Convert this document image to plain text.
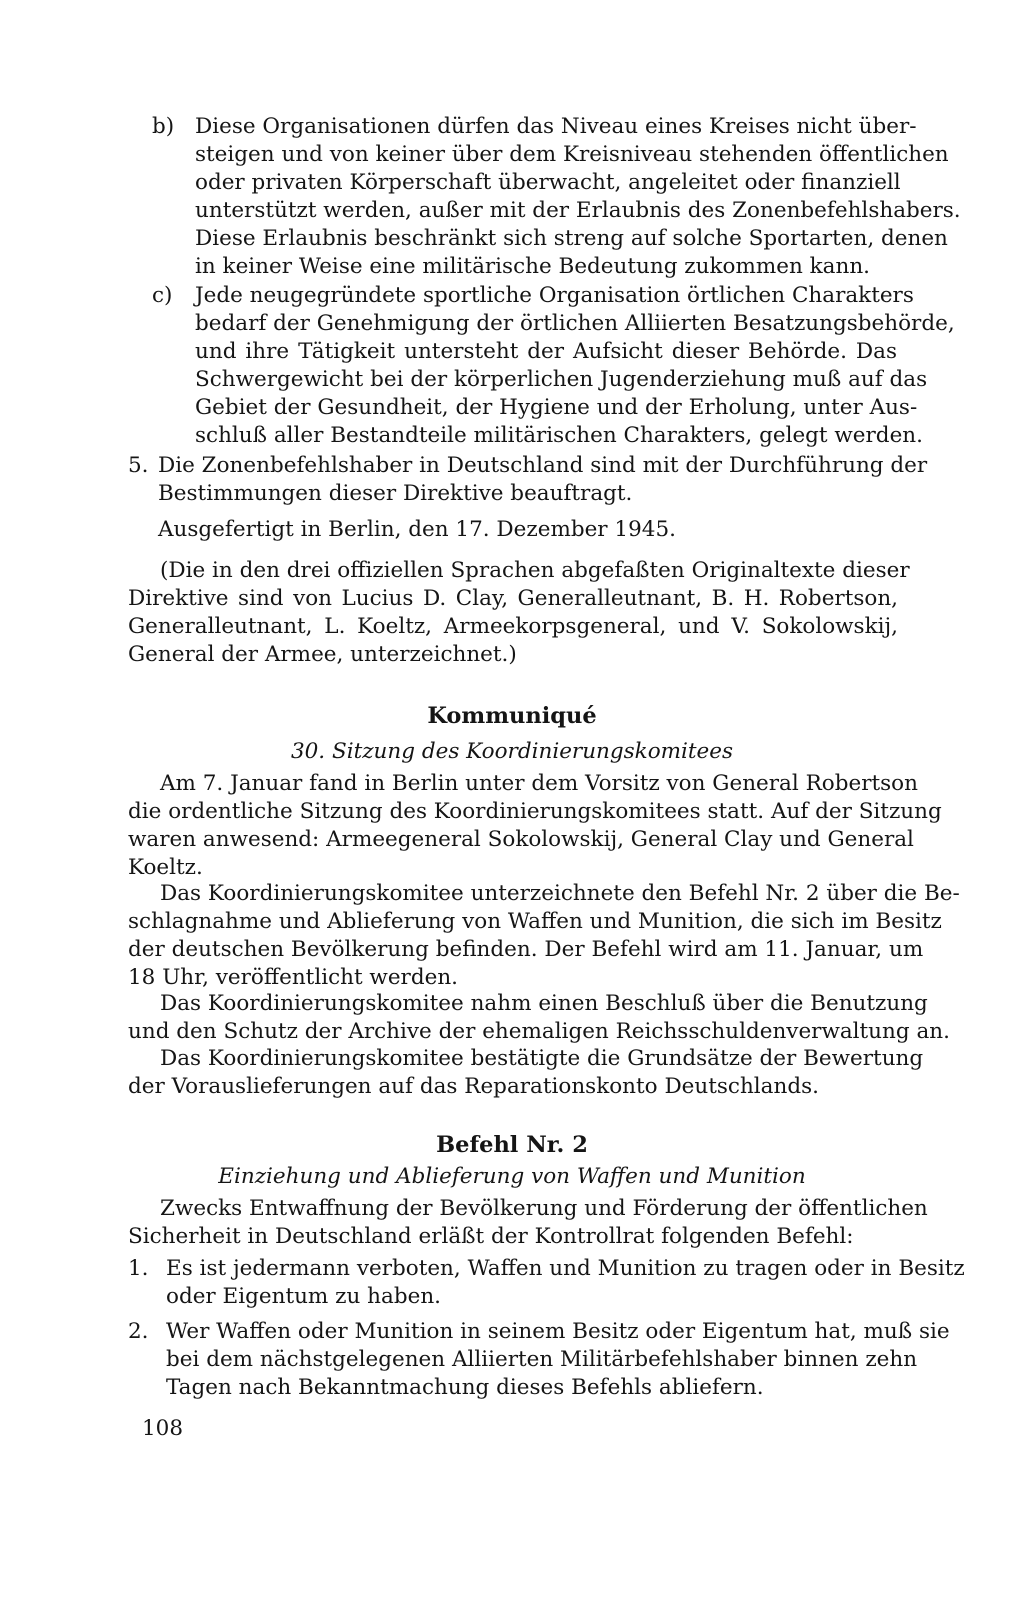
b) Diese Organisationen dürfen das Niveau eines Kreises nicht über-
steigen und von keiner über dem Kreisniveau stehenden öffentlichen
oder privaten Körperschaft überwacht, angeleitet oder finanziell
unterstützt werden, außer mit der Erlaubnis des Zonenbefehlshabers.
Diese Erlaubnis beschränkt sich streng auf solche Sportarten, denen
in keiner Weise eine militärische Bedeutung zukommen kann.
c) Jede neugegründete sportliche Organisation örtlichen Charakters
bedarf der Genehmigung der örtlichen Alliierten Besatzungsbehörde,
und ihre Tätigkeit untersteht der Aufsicht dieser Behörde. Das
Schwergewicht bei der körperlichen Jugenderziehung muß auf das
Gebiet der Gesundheit, der Hygiene und der Erholung, unter Aus-
schluß aller Bestandteile militärischen Charakters, gelegt werden.
5. Die Zonenbefehlshaber in Deutschland sind mit der Durchführung der
Bestimmungen dieser Direktive beauftragt.
Ausgefertigt in Berlin, den 17. Dezember 1945.
(Die in den drei offiziellen Sprachen abgefaßten Originaltexte dieser
Direktive sind von Lucius D. Clay, Generalleutnant, B. H. Robertson,
Generalleutnant, L. Koeltz, Armeekorpsgeneral, und V. Sokolowskij,
General der Armee, unterzeichnet.)
Kommuniqué
30. Sitzung des Koordinierungskomitees
Am 7. Januar fand in Berlin unter dem Vorsitz von General Robertson
die ordentliche Sitzung des Koordinierungskomitees statt. Auf der Sitzung
waren anwesend: Armeegeneral Sokolowskij, General Clay und General
Koeltz.
Das Koordinierungskomitee unterzeichnete den Befehl Nr. 2 über die Be-
schlagnahme und Ablieferung von Waffen und Munition, die sich im Besitz
der deutschen Bevölkerung befinden. Der Befehl wird am 11. Januar, um
18 Uhr, veröffentlicht werden.
Das Koordinierungskomitee nahm einen Beschluß über die Benutzung
und den Schutz der Archive der ehemaligen Reichsschuldenverwaltung an.
Das Koordinierungskomitee bestätigte die Grundsätze der Bewertung
der Vorauslieferungen auf das Reparationskonto Deutschlands.
Befehl Nr. 2
Einziehung und Ablieferung von Waffen und Munition
Zwecks Entwaffnung der Bevölkerung und Förderung der öffentlichen
Sicherheit in Deutschland erläßt der Kontrollrat folgenden Befehl:
1. Es ist jedermann verboten, Waffen und Munition zu tragen oder in Besitz
oder Eigentum zu haben.
2. Wer Waffen oder Munition in seinem Besitz oder Eigentum hat, muß sie
bei dem nächstgelegenen Alliierten Militärbefehlshaber binnen zehn
Tagen nach Bekanntmachung dieses Befehls abliefern.
108
